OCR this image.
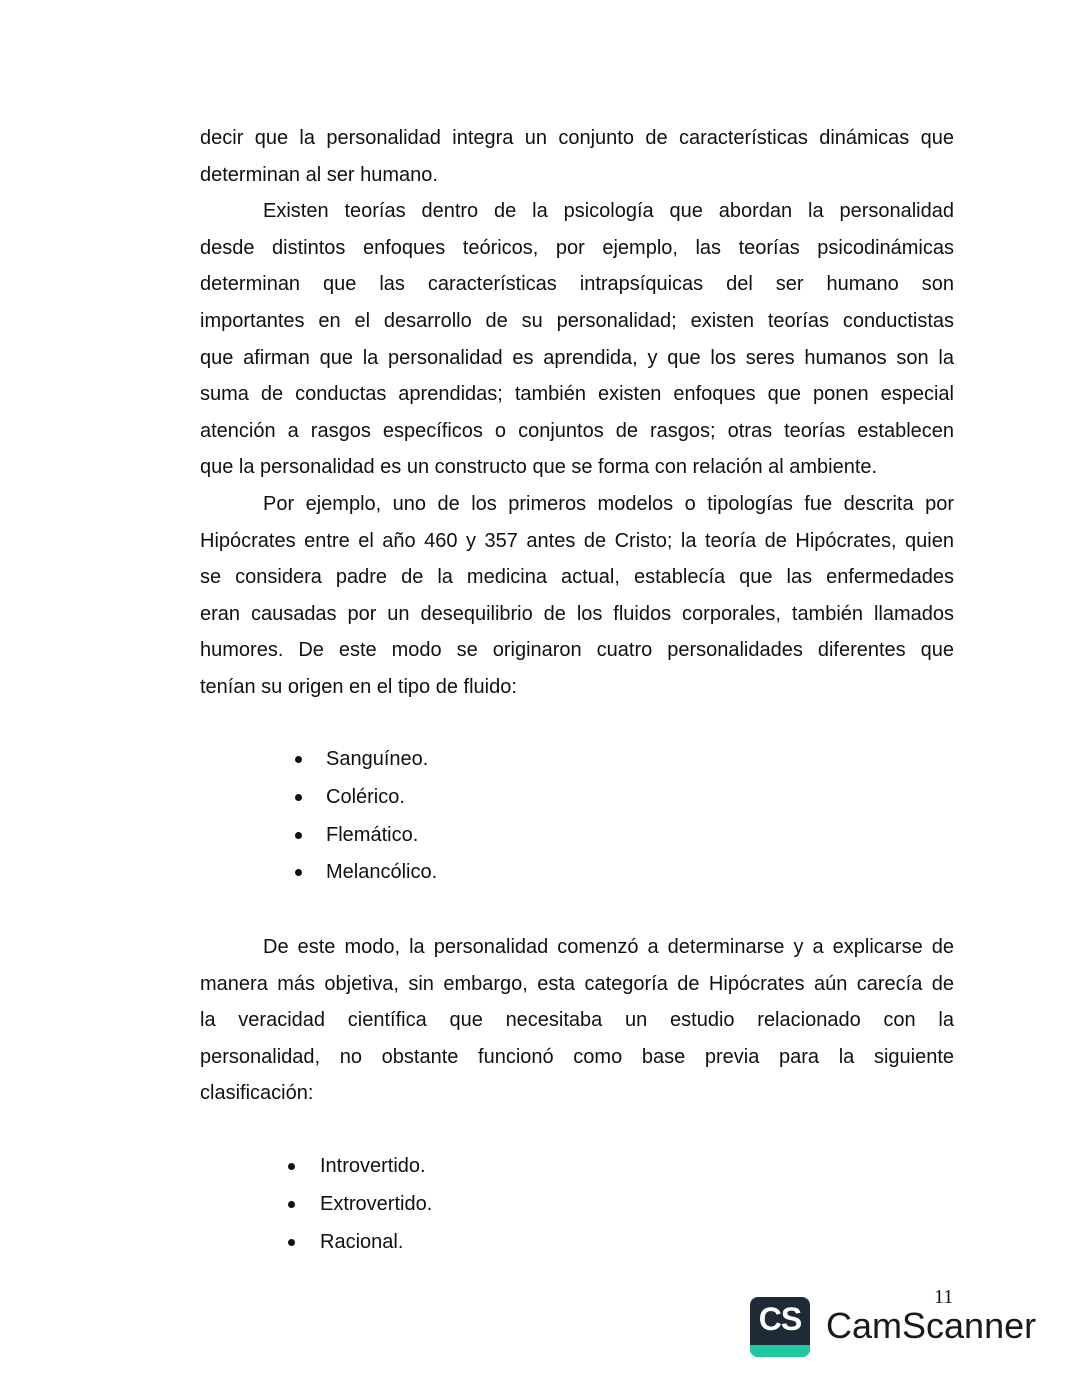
decir que la personalidad integra un conjunto de características dinámicas que
determinan al ser humano.
Existen teorías dentro de la psicología que abordan la personalidad
desde distintos enfoques teóricos, por ejemplo, las teorías psicodinámicas
determinan que las características intrapsíquicas del ser humano son
importantes en el desarrollo de su personalidad; existen teorías conductistas
que afirman que la personalidad es aprendida, y que los seres humanos son la
suma de conductas aprendidas; también existen enfoques que ponen especial
atención a rasgos específicos o conjuntos de rasgos; otras teorías establecen
que la personalidad es un constructo que se forma con relación al ambiente.
Por ejemplo, uno de los primeros modelos o tipologías fue descrita por
Hipócrates entre el año 460 y 357 antes de Cristo; la teoría de Hipócrates, quien
se considera padre de la medicina actual, establecía que las enfermedades
eran causadas por un desequilibrio de los fluidos corporales, también llamados
humores. De este modo se originaron cuatro personalidades diferentes que
tenían su origen en el tipo de fluido:
Sanguíneo.
Colérico.
Flemático.
Melancólico.
De este modo, la personalidad comenzó a determinarse y a explicarse de
manera más objetiva, sin embargo, esta categoría de Hipócrates aún carecía de
la veracidad científica que necesitaba un estudio relacionado con la
personalidad, no obstante funcionó como base previa para la siguiente
clasificación:
Introvertido.
Extrovertido.
Racional.
11
CS CamScanner
